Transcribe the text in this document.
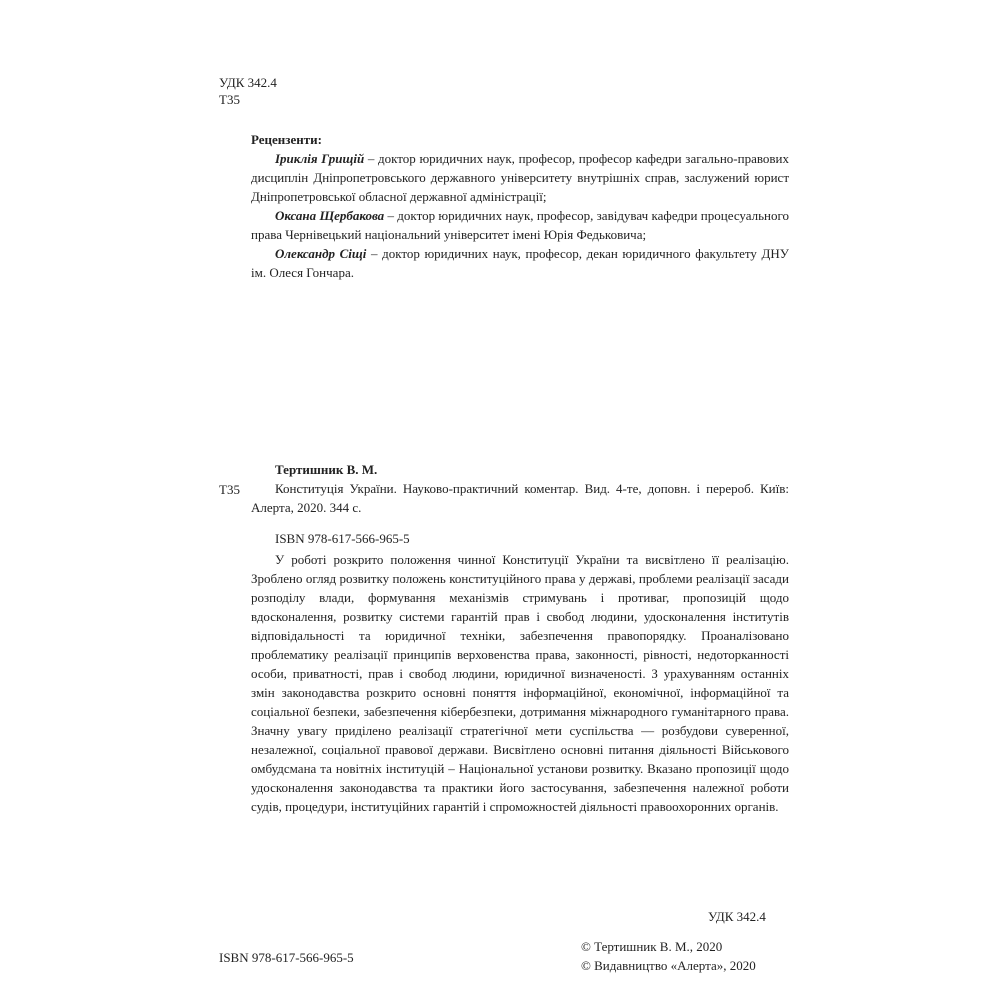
УДК 342.4
Т35
Рецензенти:

Іриклія Грищій – доктор юридичних наук, професор, професор кафедри загально-правових дисциплін Дніпропетровського державного університету внутрішніх справ, заслужений юрист Дніпропетровської обласної державної адміністрації;

Оксана Щербакова – доктор юридичних наук, професор, завідувач кафедри процесуального права Чернівецький національний університет імені Юрія Федьковича;

Олександр Сіщі – доктор юридичних наук, професор, декан юридичного факультету ДНУ ім. Олеся Гончара.

Т35
Тертишник В. М.
Конституція України. Науково-практичний коментар. Вид. 4-те, доповн. і перероб. Київ: Алерта, 2020. 344 с.
ISBN 978-617-566-965-5

У роботі розкрито положення чинної Конституції України та висвітлено її реалізацію. Зроблено огляд розвитку положень конституційного права у державі, проблеми реалізації засади розподілу влади, формування механізмів стримувань і противаг, пропозицій щодо вдосконалення, розвитку системи гарантій прав і свобод людини, удосконалення інститутів відповідальності та юридичної техніки, забезпечення правопорядку. Проаналізовано проблематику реалізації принципів верховенства права, законності, рівності, недоторканності особи, приватності, прав і свобод людини, юридичної визначеності. З урахуванням останніх змін законодавства розкрито основні поняття інформаційної, економічної, інформаційної та соціальної безпеки, забезпечення кібербезпеки, дотримання міжнародного гуманітарного права. Значну увагу приділено реалізації стратегічної мети суспільства — розбудови суверенної, незалежної, соціальної правової держави. Висвітлено основні питання діяльності Військового омбудсмана та новітніх інституцій – Національної установи розвитку. Вказано пропозиції щодо удосконалення законодавства та практики його застосування, забезпечення належної роботи судів, процедури, інституційних гарантій і спроможностей діяльності правоохоронних органів.

УДК 342.4
ISBN 978-617-566-965-5
© Тертишник В. М., 2020
© Видавництво «Алерта», 2020
